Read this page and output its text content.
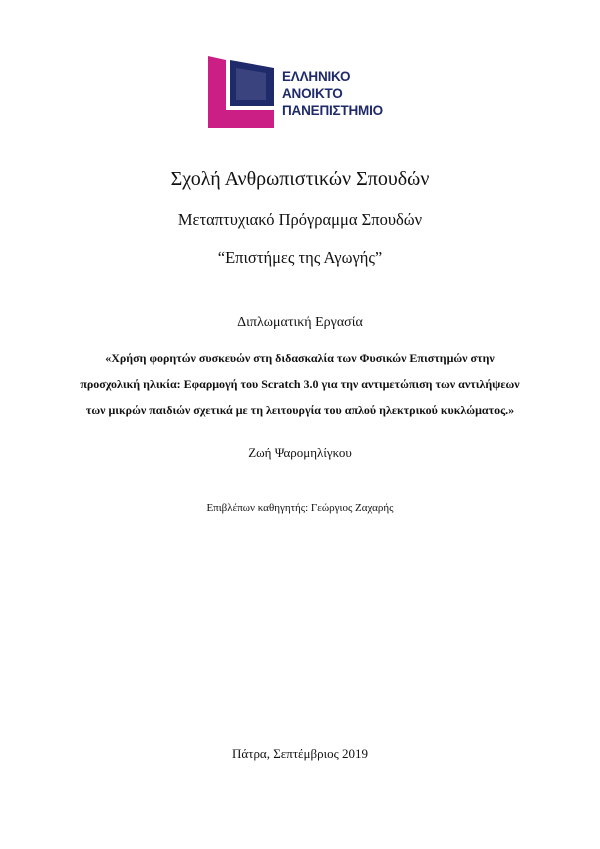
ΕΛΛΗΝΙΚΟ
ΑΝΟΙΚΤΟ
ΠΑΝΕΠΙΣΤΗΜΙΟ
Σχολή Ανθρωπιστικών Σπουδών
Μεταπτυχιακό Πρόγραμμα Σπουδών
“Επιστήμες της Αγωγής”
Διπλωματική Εργασία
«Χρήση φορητών συσκευών στη διδασκαλία των Φυσικών Επιστημών στην
προσχολική ηλικία: Εφαρμογή του Scratch 3.0 για την αντιμετώπιση των αντιλήψεων
των μικρών παιδιών σχετικά με τη λειτουργία του απλού ηλεκτρικού κυκλώματος.»
Ζωή Ψαρομηλίγκου
Επιβλέπων καθηγητής: Γεώργιος Ζαχαρής
Πάτρα, Σεπτέμβριος 2019
